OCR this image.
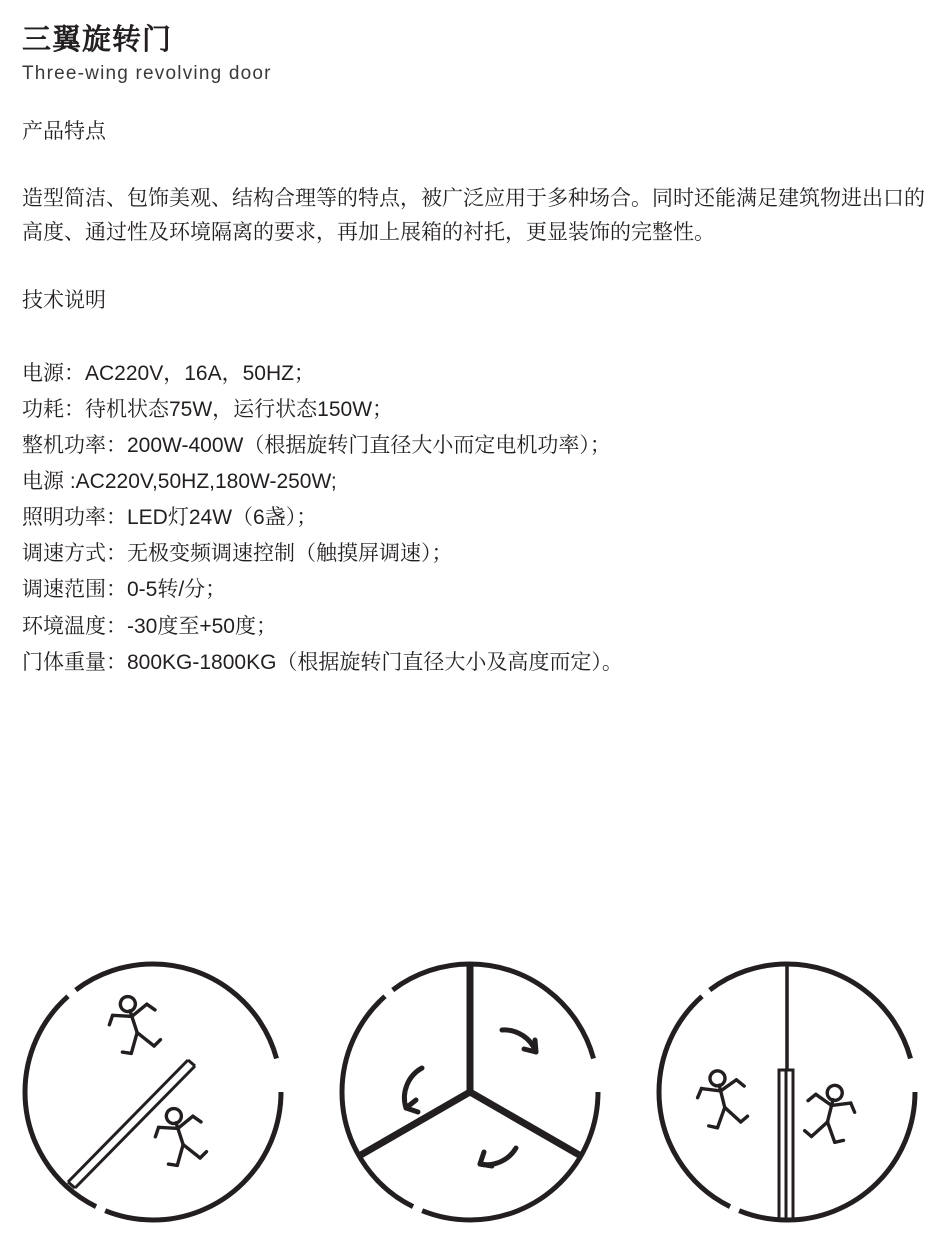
三翼旋转门
Three-wing revolving door
产品特点

造型简洁、包饰美观、结构合理等的特点，被广泛应用于多种场合。同时还能满足建筑物进出口的高度、通过性及环境隔离的要求，再加上展箱的衬托，更显装饰的完整性。

技术说明
电源：AC220V，16A，50HZ；
功耗：待机状态75W，运行状态150W；
整机功率：200W-400W（根据旋转门直径大小而定电机功率）；
电源 :AC220V,50HZ,180W-250W;
照明功率：LED灯24W（6盏）；
调速方式：无极变频调速控制（触摸屏调速）；
调速范围：0-5转/分；
环境温度：-30度至+50度；
门体重量：800KG-1800KG（根据旋转门直径大小及高度而定）。
